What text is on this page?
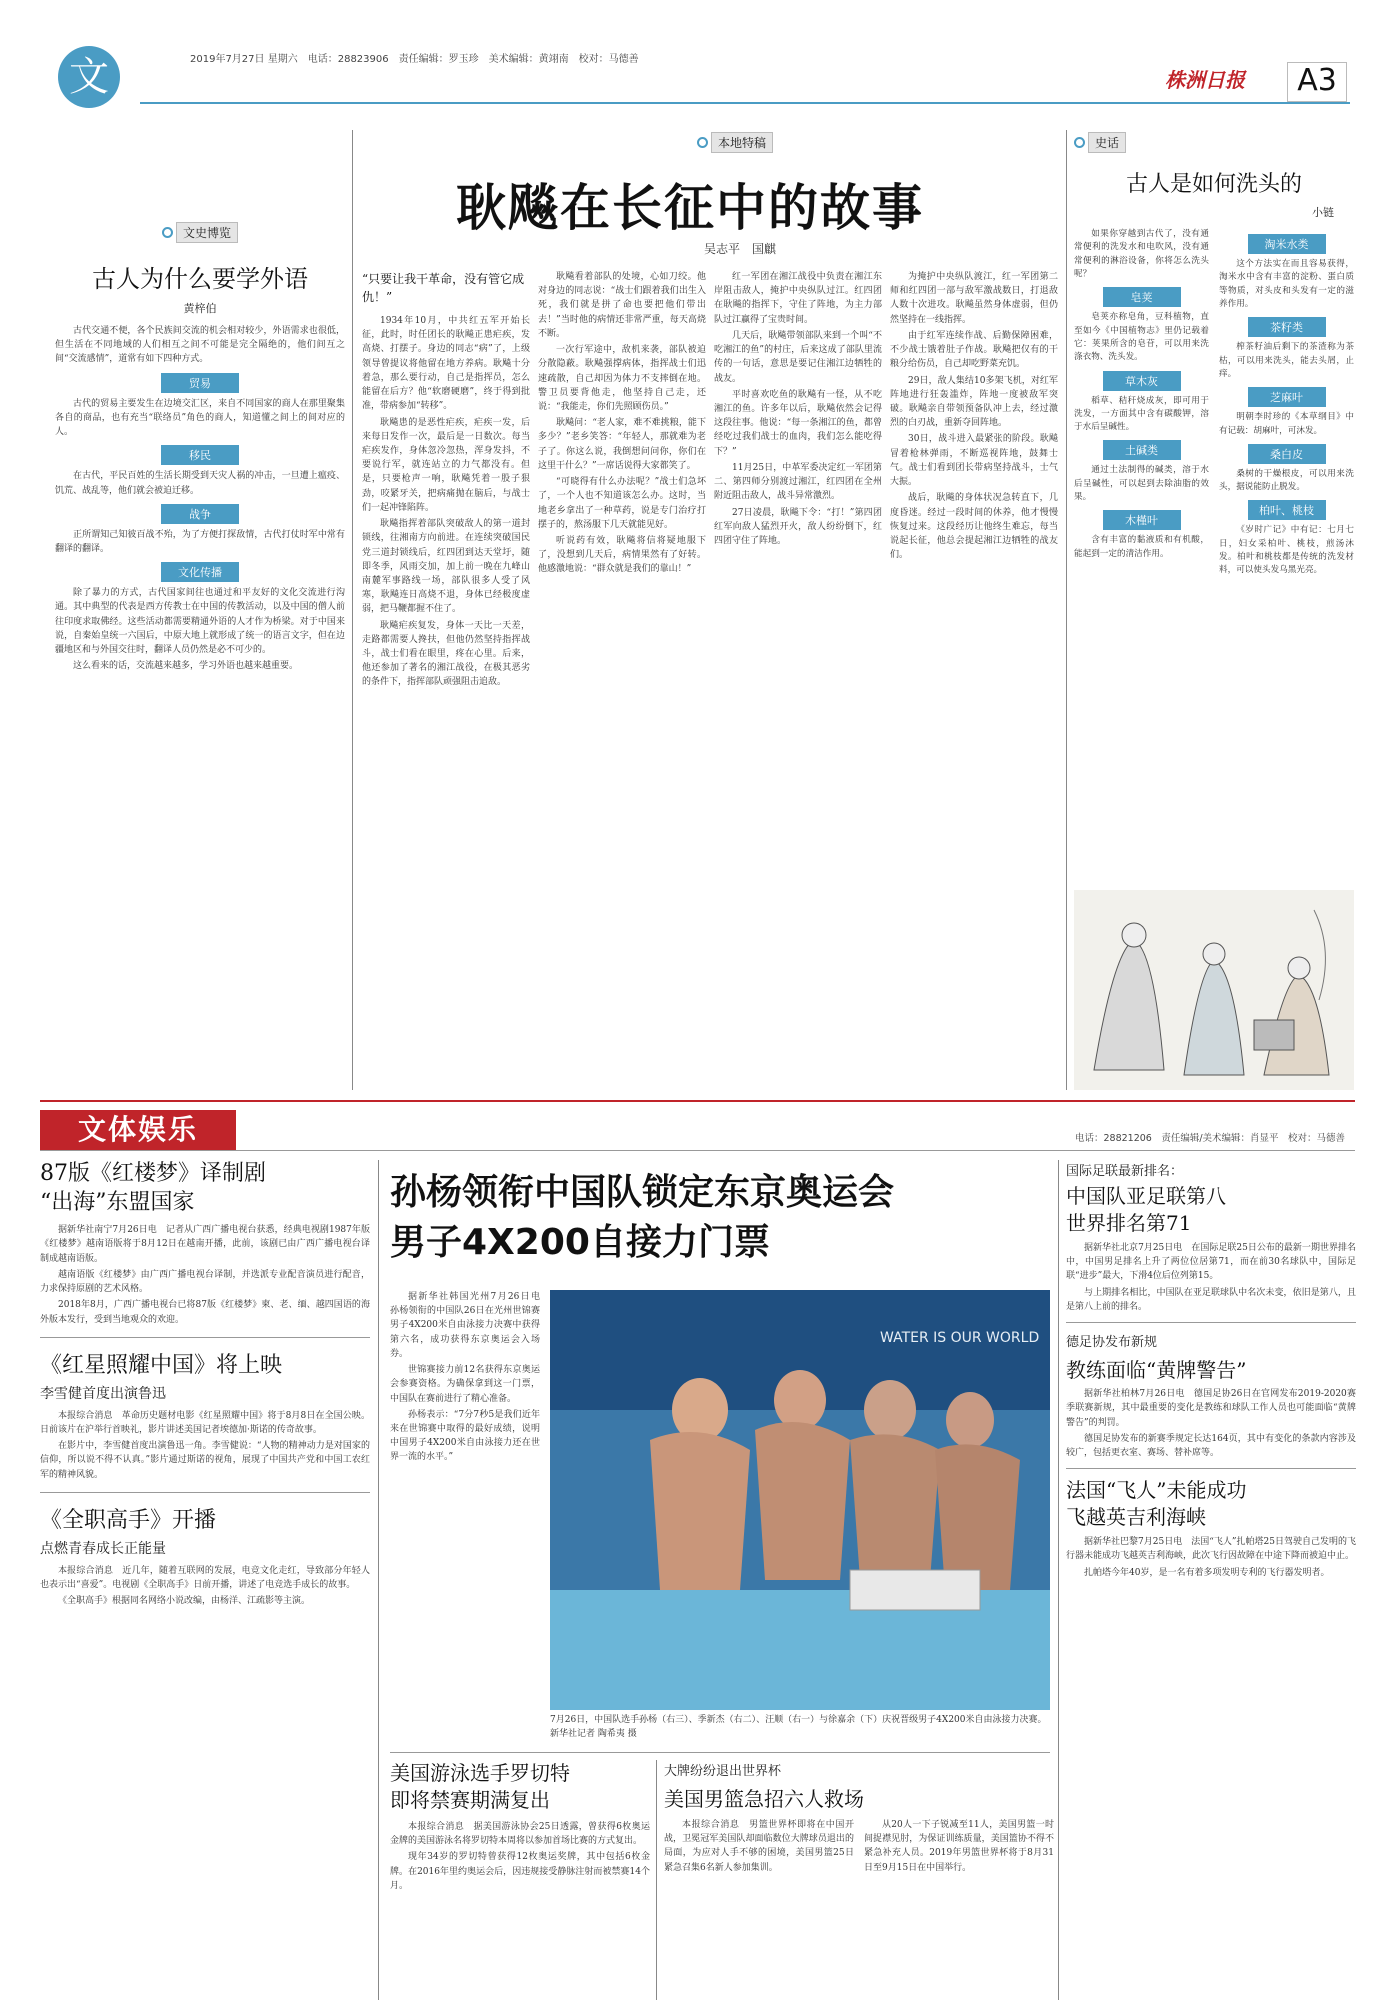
文史
2019年7月27日 星期六　电话：28823906　责任编辑：罗玉珍　美术编辑：黄翊南　校对：马德善
株洲日报	A3
本地特稿
耿飚在长征中的故事
吴志平　国麒
文史博览
古人为什么要学外语
黄梓伯

古代交通不便，各个民族间交流的机会相对较少，外语需求也很低，但生活在不同地域的人们相互之间不可能是完全隔绝的，他们间互之间“交流感情”，道常有如下四种方式。

贸易

古代的贸易主要发生在边境交汇区，来自不同国家的商人在那里聚集各自的商品，也有充当“联络员”角色的商人，知道懂之间上的间对应的人。

移民

在古代，平民百姓的生活长期受到天灾人祸的冲击，一旦遭上瘟疫、饥荒、战乱等，他们就会被迫迁移。

战争

正所谓知己知彼百战不殆，为了方便打探敌情，古代打仗时军中常有翻译的翻译。

文化传播

除了暴力的方式，古代国家间往也通过和平友好的文化交流进行沟通。其中典型的代表是西方传教士在中国的传教活动，以及中国的僧人前往印度求取佛经。这些活动都需要精通外语的人才作为桥梁。对于中国来说，自秦始皇统一六国后，中原大地上就形成了统一的语言文字，但在边疆地区和与外国交往时，翻译人员仍然是必不可少的。

这么看来的话，交流越来越多，学习外语也越来越重要。

“只要让我干革命，没有管它成仇！”

1934年10月，中共红五军开始长征，此时，时任团长的耿飚正患疟疾，发高烧、打摆子。身边的同志“病”了，上级领导曾提议将他留在地方养病。耿飚十分着急，那么要行动，自己是指挥员，怎么能留在后方？他“软磨硬磨”，终于得到批准，带病参加“转移”。

耿飚患的是恶性疟疾，疟疾一发，后来每日发作一次，最后是一日数次。每当疟疾发作，身体忽冷忽热，浑身发抖，不要说行军，就连站立的力气都没有。但是，只要枪声一响，耿飚凭着一股子狠劲，咬紧牙关，把病痛抛在脑后，与战士们一起冲锋陷阵。

耿飚指挥着部队突破敌人的第一道封锁线，往湘南方向前进。在连续突破国民党三道封锁线后，红四团到达天堂圩，随即冬季，风雨交加，加上前一晚在九峰山南麓军事路线一场，部队很多人受了风寒，耿飚连日高烧不退，身体已经极度虚弱，把马鞭都握不住了。

耿飚疟疾复发，身体一天比一天差，走路都需要人搀扶，但他仍然坚持指挥战斗，战士们看在眼里，疼在心里。后来，他还参加了著名的湘江战役，在极其恶劣的条件下，指挥部队顽强阻击追敌。

耿飚看着部队的处境，心如刀绞。他对身边的同志说：“战士们跟着我们出生入死，我们就是拼了命也要把他们带出去！”当时他的病情还非常严重，每天高烧不断。

一次行军途中，敌机来袭，部队被迫分散隐蔽。耿飚强撑病体，指挥战士们迅速疏散，自己却因为体力不支摔倒在地。警卫员要背他走，他坚持自己走，还说：“我能走，你们先照顾伤员。”

耿飚问：“老人家，难不难挑粮，能下多少？”老乡笑答：“年轻人，那就难为老子了。你这么说，我倒想问问你，你们在这里干什么？”一席话说得大家都笑了。

“可晓得有什么办法呢？”战士们急坏了，一个人也不知道该怎么办。这时，当地老乡拿出了一种草药，说是专门治疗打摆子的，熬汤服下几天就能见好。

听说药有效，耿飚将信将疑地服下了，没想到几天后，病情果然有了好转。他感激地说：“群众就是我们的靠山！”

红一军团在湘江战役中负责在湘江东岸阻击敌人，掩护中央纵队过江。红四团在耿飚的指挥下，守住了阵地，为主力部队过江赢得了宝贵时间。

几天后，耿飚带领部队来到一个叫“不吃湘江的鱼”的村庄，后来这成了部队里流传的一句话，意思是要记住湘江边牺牲的战友。

平时喜欢吃鱼的耿飚有一怪，从不吃湘江的鱼。许多年以后，耿飚依然会记得这段往事。他说：“每一条湘江的鱼，都曾经吃过我们战士的血肉，我们怎么能吃得下？”

11月25日，中革军委决定红一军团第二、第四师分别渡过湘江，红四团在全州附近阻击敌人，战斗异常激烈。

27日凌晨，耿飚下令：“打！”第四团红军向敌人猛烈开火，敌人纷纷倒下，红四团守住了阵地。

为掩护中央纵队渡江，红一军团第二师和红四团一部与敌军激战数日，打退敌人数十次进攻。耿飚虽然身体虚弱，但仍然坚持在一线指挥。

由于红军连续作战、后勤保障困难，不少战士饿着肚子作战。耿飚把仅有的干粮分给伤员，自己却吃野菜充饥。

29日，敌人集结10多架飞机，对红军阵地进行狂轰滥炸，阵地一度被敌军突破。耿飚亲自带领预备队冲上去，经过激烈的白刃战，重新夺回阵地。

30日，战斗进入最紧张的阶段。耿飚冒着枪林弹雨，不断巡视阵地，鼓舞士气。战士们看到团长带病坚持战斗，士气大振。

战后，耿飚的身体状况急转直下，几度昏迷。经过一段时间的休养，他才慢慢恢复过来。这段经历让他终生难忘，每当说起长征，他总会提起湘江边牺牲的战友们。

史话
古人是如何洗头的
小链

如果你穿越到古代了，没有通常便利的洗发水和电吹风，没有通常便利的淋浴设备，你将怎么洗头呢？

皂荚

皂荚亦称皂角，豆科植物，直至如今《中国植物志》里仍记载着它：荚果所含的皂苷，可以用来洗涤衣物、洗头发。

草木灰

稻草、秸秆烧成灰，即可用于洗发，一方面其中含有碳酸钾，溶于水后呈碱性。

土碱类

通过土法制得的碱类，溶于水后呈碱性，可以起到去除油脂的效果。

木槿叶

含有丰富的黏液质和有机酸，能起到一定的清洁作用。

淘米水类

这个方法实在而且容易获得，淘米水中含有丰富的淀粉、蛋白质等物质，对头皮和头发有一定的滋养作用。

茶籽类

榨茶籽油后剩下的茶渣称为茶枯，可以用来洗头，能去头屑，止痒。

芝麻叶

明朝李时珍的《本草纲目》中有记载：胡麻叶，可沐发。

桑白皮

桑树的干燥根皮，可以用来洗头，据说能防止脱发。

柏叶、桃枝

《岁时广记》中有记：七月七日，妇女采柏叶、桃枝，煎汤沐发。柏叶和桃枝都是传统的洗发材料，可以使头发乌黑光亮。

文体娱乐	电话：28821206　责任编辑/美术编辑：肖显平　校对：马德善
87版《红楼梦》译制剧
“出海”东盟国家

据新华社南宁7月26日电　记者从广西广播电视台获悉，经典电视剧1987年版《红楼梦》越南语版将于8月12日在越南开播，此前，该剧已由广西广播电视台译制成越南语版。

越南语版《红楼梦》由广西广播电视台译制，并选派专业配音演员进行配音，力求保持原剧的艺术风格。

2018年8月，广西广播电视台已将87版《红楼梦》柬、老、缅、越四国语的海外版本发行，受到当地观众的欢迎。

《红星照耀中国》将上映
李雪健首度出演鲁迅

本报综合消息　革命历史题材电影《红星照耀中国》将于8月8日在全国公映。日前该片在沪举行首映礼，影片讲述美国记者埃德加·斯诺的传奇故事。

在影片中，李雪健首度出演鲁迅一角。李雪健说：“人物的精神动力是对国家的信仰，所以说不得不认真。”影片通过斯诺的视角，展现了中国共产党和中国工农红军的精神风貌。

《全职高手》开播
点燃青春成长正能量

本报综合消息　近几年，随着互联网的发展，电竞文化走红，导致部分年轻人也表示出“喜爱”。电视剧《全职高手》日前开播，讲述了电竞选手成长的故事。

《全职高手》根据同名网络小说改编，由杨洋、江疏影等主演。

孙杨领衔中国队锁定东京奥运会
男子4X200自接力门票

据新华社韩国光州7月26日电　孙杨领衔的中国队26日在光州世锦赛男子4X200米自由泳接力决赛中获得第六名，成功获得东京奥运会入场券。

世锦赛接力前12名获得东京奥运会参赛资格。为确保拿到这一门票，中国队在赛前进行了精心准备。

孙杨表示：“7分7秒5是我们近年来在世锦赛中取得的最好成绩，说明中国男子4X200米自由泳接力还在世界一流的水平。”

WATER IS OUR WORLD
7月26日，中国队选手孙杨（右三）、季新杰（右二）、汪顺（右一）与徐嘉余（下）庆祝晋级男子4X200米自由泳接力决赛。　新华社记者 陶希夷 摄
美国游泳选手罗切特
即将禁赛期满复出

本报综合消息　据美国游泳协会25日透露，曾获得6枚奥运金牌的美国游泳名将罗切特本周将以参加首场比赛的方式复出。

现年34岁的罗切特曾获得12枚奥运奖牌，其中包括6枚金牌。在2016年里约奥运会后，因违规接受静脉注射而被禁赛14个月。

大牌纷纷退出世界杯
美国男篮急招六人救场

本报综合消息　男篮世界杯即将在中国开战，卫冕冠军美国队却面临数位大牌球员退出的局面，为应对人手不够的困境，美国男篮25日紧急召集6名新人参加集训。

从20人一下子锐减至11人，美国男篮一时间捉襟见肘，为保证训练质量，美国篮协不得不紧急补充人员。2019年男篮世界杯将于8月31日至9月15日在中国举行。

国际足联最新排名：
中国队亚足联第八
世界排名第71

据新华社北京7月25日电　在国际足联25日公布的最新一期世界排名中，中国男足排名上升了两位位居第71，而在前30名球队中，国际足联“进步”最大，下滑4位后位列第15。

与上期排名相比，中国队在亚足联球队中名次未变，依旧是第八，且是第八上前的排名。

德足协发布新规
教练面临“黄牌警告”

据新华社柏林7月26日电　德国足协26日在官网发布2019-2020赛季联赛新规，其中最重要的变化是教练和球队工作人员也可能面临“黄牌警告”的判罚。

德国足协发布的新赛季规定长达164页，其中有变化的条款内容涉及较广，包括更衣室、赛场、替补席等。

法国“飞人”未能成功
飞越英吉利海峡

据新华社巴黎7月25日电　法国“飞人”扎帕塔25日驾驶自己发明的飞行器未能成功飞越英吉利海峡，此次飞行因故障在中途下降而被迫中止。

扎帕塔今年40岁，是一名有着多项发明专利的飞行器发明者。
